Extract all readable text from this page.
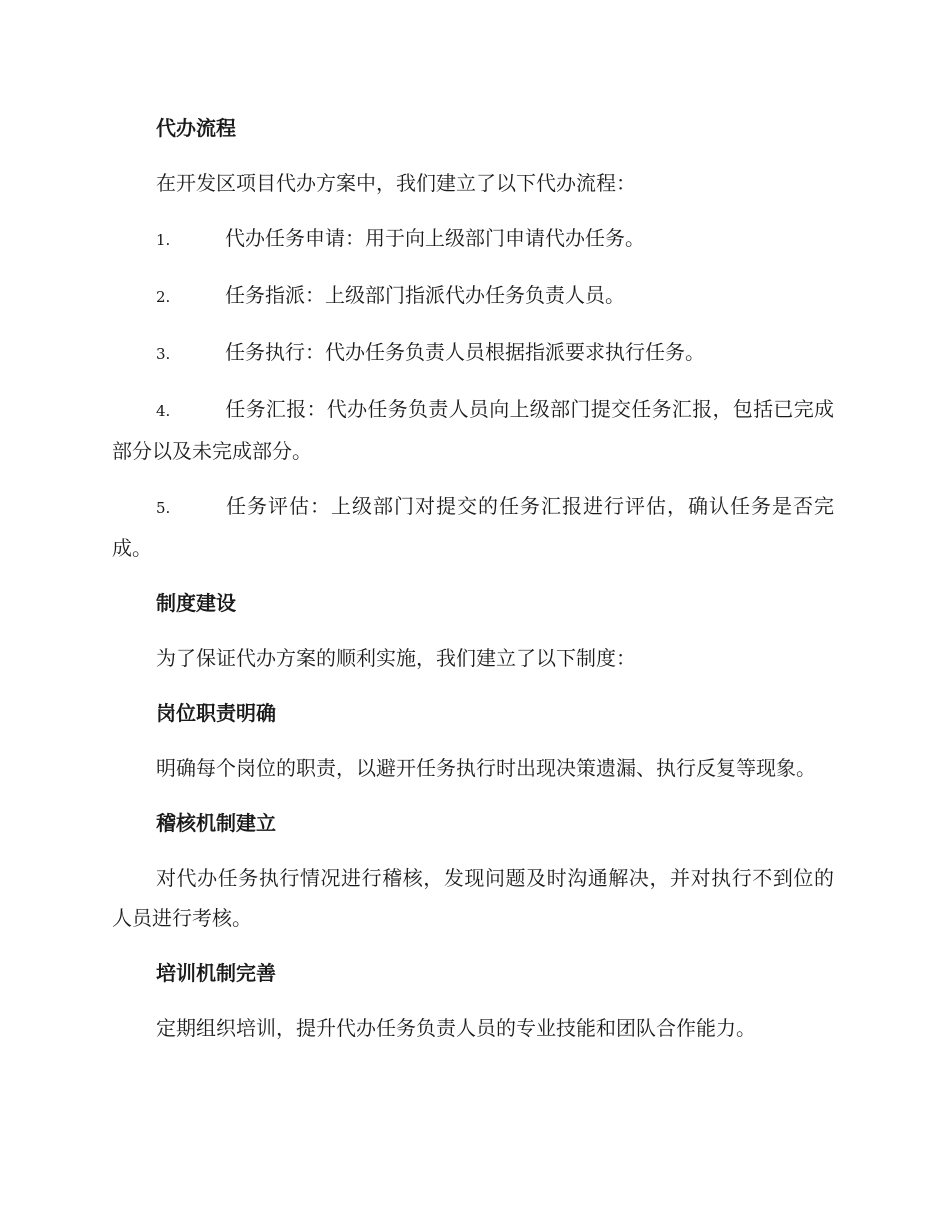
代办流程

在开发区项目代办方案中，我们建立了以下代办流程：

1.	代办任务申请：用于向上级部门申请代办任务。

2.	任务指派：上级部门指派代办任务负责人员。

3.	任务执行：代办任务负责人员根据指派要求执行任务。

4.	任务汇报：代办任务负责人员向上级部门提交任务汇报，包括已完成部分以及未完成部分。

5.	任务评估：上级部门对提交的任务汇报进行评估，确认任务是否完成。

制度建设

为了保证代办方案的顺利实施，我们建立了以下制度：

岗位职责明确

明确每个岗位的职责，以避开任务执行时出现决策遗漏、执行反复等现象。

稽核机制建立

对代办任务执行情况进行稽核，发现问题及时沟通解决，并对执行不到位的人员进行考核。

培训机制完善

定期组织培训，提升代办任务负责人员的专业技能和团队合作能力。
